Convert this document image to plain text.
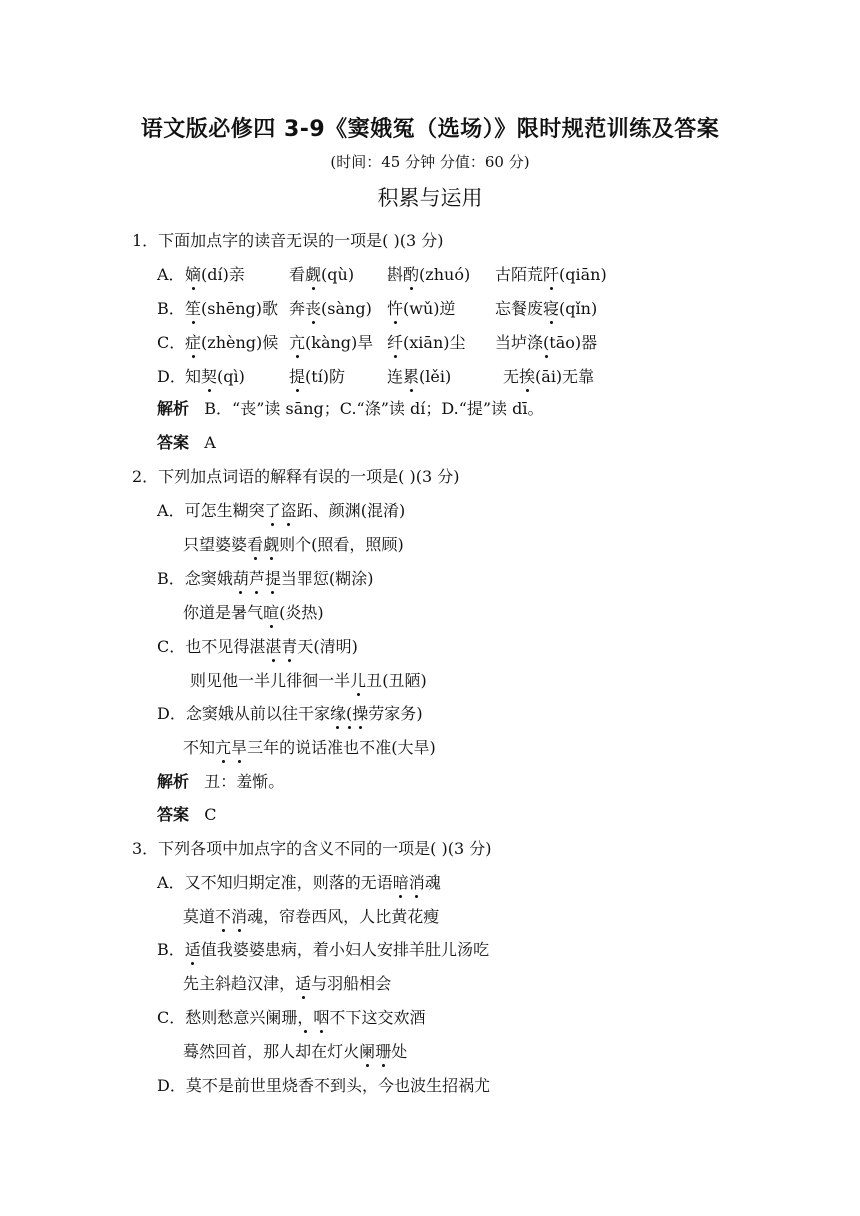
语文版必修四 3-9《窦娥冤（选场）》限时规范训练及答案
(时间：45 分钟 分值：60 分)
积累与运用
1．下面加点字的读音无误的一项是( )(3 分)
A． 嫡(dí)亲	看觑(qù) 斟酌(zhuó) 古陌荒阡(qiān)
B． 笙(shēng)歌 奔丧(sàng) 忤(wǔ)逆 忘餐废寝(qǐn)
C． 症(zhèng)候 亢(kàng)旱 纤(xiān)尘 当垆涤(tāo)器
D． 知契(qì)	提(tí)防	连累(lěi)	无挨(āi)无靠
解析 B．“丧”读 sāng；C.“涤”读 dí；D.“提”读 dī。
答案 A
2．下列加点词语的解释有误的一项是( )(3 分)
A．可怎生糊突了盗跖、颜渊(混淆)
只望婆婆看觑则个(照看，照顾)
B．念窦娥葫芦提当罪愆(糊涂)
你道是暑气暄(炎热)
C．也不见得湛湛青天(清明)
则见他一半儿徘徊一半儿丑(丑陋)
D．念窦娥从前以往干家缘(操劳家务)
不知亢旱三年的说话准也不准(大旱)
解析 丑：羞惭。
答案 C
3．下列各项中加点字的含义不同的一项是( )(3 分)
A．又不知归期定准，则落的无语暗消魂
莫道不消魂，帘卷西风，人比黄花瘦
B．适值我婆婆患病，着小妇人安排羊肚儿汤吃
先主斜趋汉津，适与羽船相会
C．愁则愁意兴阑珊，咽不下这交欢酒
蓦然回首，那人却在灯火阑珊处
D．莫不是前世里烧香不到头，今也波生招祸尤
